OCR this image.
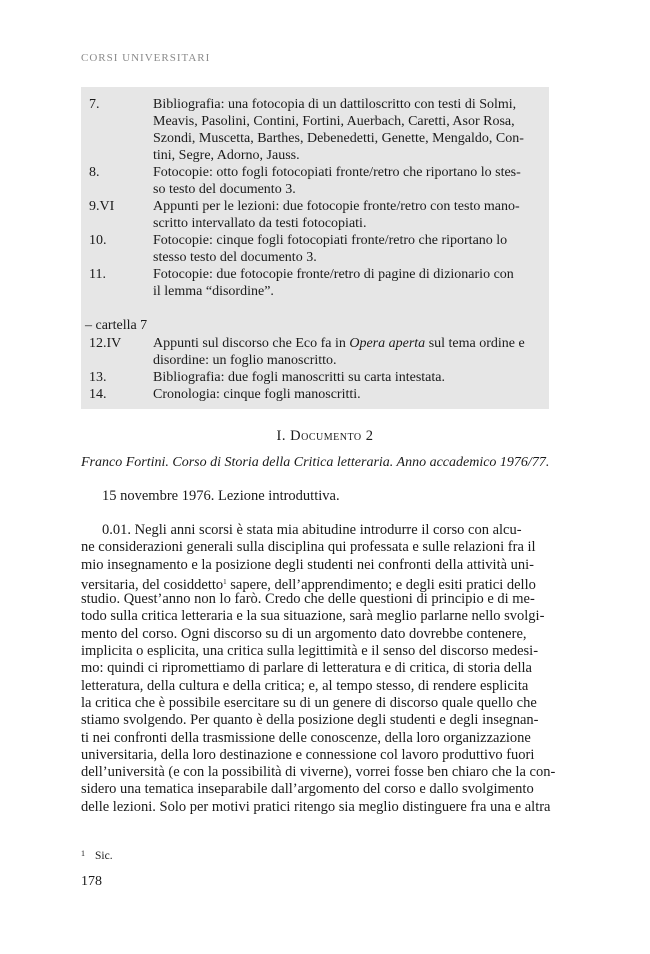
CORSI UNIVERSITARI
7.	Bibliografia: una fotocopia di un dattiloscritto con testi di Solmi,
Meavis, Pasolini, Contini, Fortini, Auerbach, Caretti, Asor Rosa,
Szondi, Muscetta, Barthes, Debenedetti, Genette, Mengaldo, Con-
tini, Segre, Adorno, Jauss.
8.	Fotocopie: otto fogli fotocopiati fronte/retro che riportano lo stes-
so testo del documento 3.
9.VI	Appunti per le lezioni: due fotocopie fronte/retro con testo mano-
scritto intervallato da testi fotocopiati.
10.	Fotocopie: cinque fogli fotocopiati fronte/retro che riportano lo
stesso testo del documento 3.
11.	Fotocopie: due fotocopie fronte/retro di pagine di dizionario con
il lemma “disordine”.
– cartella 7
12.IV Appunti sul discorso che Eco fa in Opera aperta sul tema ordine e
disordine: un foglio manoscritto.
13.	Bibliografia: due fogli manoscritti su carta intestata.
14.	Cronologia: cinque fogli manoscritti.
I. Documento 2
Franco Fortini. Corso di Storia della Critica letteraria. Anno accademico 1976/77.
15 novembre 1976. Lezione introduttiva.
0.01. Negli anni scorsi è stata mia abitudine introdurre il corso con alcu-
ne considerazioni generali sulla disciplina qui professata e sulle relazioni fra il
mio insegnamento e la posizione degli studenti nei confronti della attività uni-
versitaria, del cosiddetto$^1$ sapere, dell’apprendimento; e degli esiti pratici dello
studio. Quest’anno non lo farò. Credo che delle questioni di principio e di me-
todo sulla critica letteraria e la sua situazione, sarà meglio parlarne nello svolgi-
mento del corso. Ogni discorso su di un argomento dato dovrebbe contenere,
implicita o esplicita, una critica sulla legittimità e il senso del discorso medesi-
mo: quindi ci ripromettiamo di parlare di letteratura e di critica, di storia della
letteratura, della cultura e della critica; e, al tempo stesso, di rendere esplicita
la critica che è possibile esercitare su di un genere di discorso quale quello che
stiamo svolgendo. Per quanto è della posizione degli studenti e degli insegnan-
ti nei confronti della trasmissione delle conoscenze, della loro organizzazione
universitaria, della loro destinazione e connessione col lavoro produttivo fuori
dell’università (e con la possibilità di viverne), vorrei fosse ben chiaro che la con-
sidero una tematica inseparabile dall’argomento del corso e dallo svolgimento
delle lezioni. Solo per motivi pratici ritengo sia meglio distinguere fra una e altra
$^1$ Sic.
178
